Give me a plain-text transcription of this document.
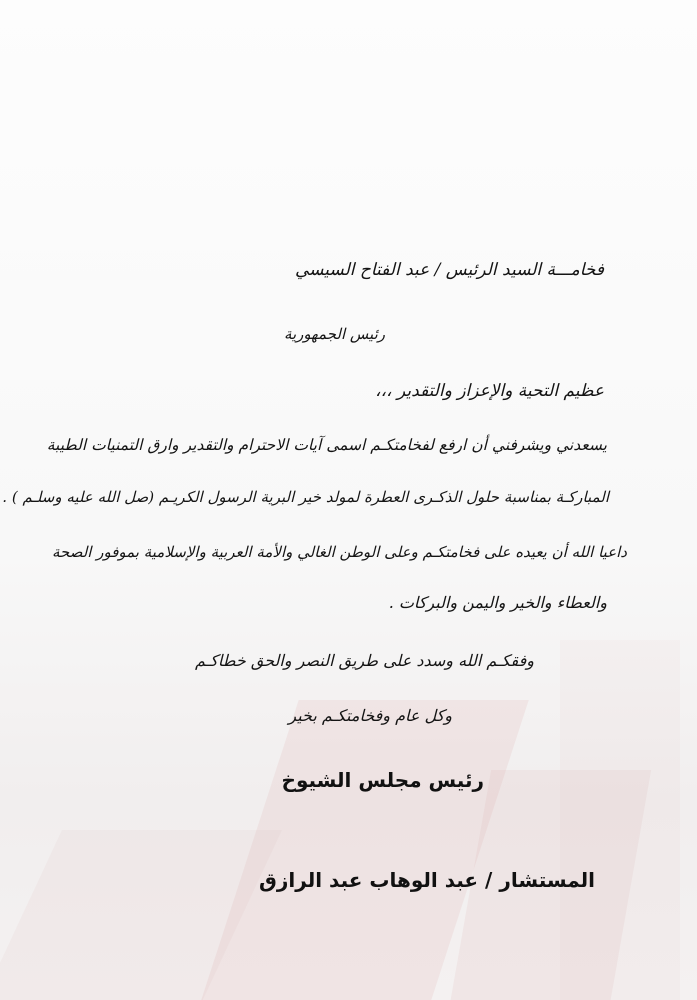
فخامـــة السيد الرئيس / عبد الفتاح السيسي
رئيس الجمهورية
عظيم التحية والإعزاز والتقدير ،،،
يسعدني ويشرفني أن ارفع لفخامتكـم اسمى آيات الاحترام والتقدير وارق التمنيات الطيبة
المباركـة بمناسبة حلول الذكـرى العطرة لمولد خير البرية الرسول الكريـم (صل الله عليه وسلـم ) .
داعيا الله أن يعيده على فخامتكـم وعلى الوطن الغالي والأمة العربية والإسلامية بموفور الصحة
والعطاء والخير واليمن والبركات .
وفقكـم الله وسدد على طريق النصر والحق خطاكـم
وكل عام وفخامتكـم بخير
رئيس مجلس الشيوخ
المستشار / عبد الوهاب عبد الرازق
